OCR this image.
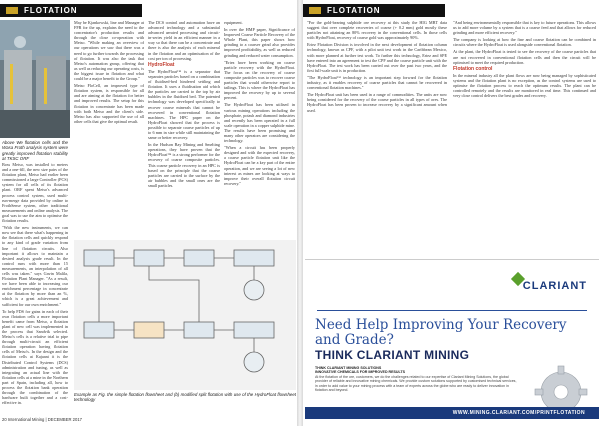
FLOTATION
Above We flotation cells and the Wasa Froth analysis system were greatly improved flotation stability at TKSC ORF

Boss Metso, was installed to meters and a one-fill, the new size pairs of the flotation plant, Metso had earlier been commissioned a large Controller (PCS) system for all cells of its flotation plant. ORF spent Metso's advanced process control system, used multi-run-merge data provided by online to FrothSense system, other traditional measurements and online analysis. The goal was to use the aim to optimise the flotation results.

"With the new instruments, we can now see that there what's happening in the flotation cells and quickly respond to any kind of grade variation from line of flotation circuits. Also important it allows to maintain a desired analysis grade result. In the control runs with more than 15 measurements, an interpolation of all cells was taken." says Gavin Malila, Flotation Plant Manager. "As a result, we have been able to increasing our enrichment percentage in concentrate at the flotation by more than an %, which is a great achievement and sufficient for our own enrichment."

To help FDS for gains in each of their own flotation cells a more important benefit came from Metso, a flotation plant of new cell was implemented in the process that Sandvik selected. Metso's cells is a relative trial to pipe through multi-circuit an efficient flotation operation having flotation cells of Metso's. In the design and the flotation cells at Kajaani it is the Distributed Control Systems (DCS) administration and tuning, as well as integrating an actual line with the flotation cells at a mine in the Northern part of Spain, including all, how to process the flotation bank operation through the combination of the hardware built together and a cost-effective in.

May be Kjankowski, line and Manager at FFR for the up, explains the need to the concentrator's production results and through the close co-operation with Metso. "While making an overview of our operations we saw that there was a need to go further towards the processing of flotation. It was also the task that Metso's automation group, offering that as well as reducing our operating costs, is the biggest issue in flotation and what could be a major benefit to the Group."

Metso FloCell, an improved type of flotation system, is responsible for all and are aiming at the flotation for better and improved results. The setup for this flotation in concentrate has been made with both Metso and the client's side. Metso has also supported the use of all other cells that give the optimal result.

The DCS control and automation have an advanced technology and a substantial advanced aerated processing and circuit-in-series yield in an efficient manner in a way so that there can be a concentrate and there is also the analysis of each mineral in the flotation and an optimisation of the cost per ton of processing.

HydroFloat

The HydroFloat™ is a separator that separates particles based on a combination of fluidised-bed hindered settling and flotation. It uses a fluidisation aid which the particles are carried to the top by air bubbles in the fluidised bed. The patented technology was developed specifically to recover coarse minerals that cannot be recovered in conventional flotation machines. The HPC paper on the HydroFloat showed that the process is possible to separate coarse particles of up to 6 mm in size while still maintaining the same or better recovery.

In the Hudson Bay Mining and Smelting operations, they have proven that the HydroFloat™ is a strong performer for the recovery of coarse composite particles. This coarse particle recovery in an HPC is based on the principle that the coarse particles are carried to the surface by the air bubbles and the small ones are the small particles.

equipment.

In over the HMP paper, Significance of Improved Coarse Particle Recovery of the Whole Plant, this paper shows how grinding to a coarser grind also provides improved profitability, as well as reduced grinding and reduced water consumption.

"Eriez have been working on coarse particle recovery with the HydroFloat. The focus on the recovery of coarse composite particles was to recover coarse particles that would otherwise report to tailings. This is where the HydroFloat has improved the recovery by up to several percent.

The HydroFloat has been utilised in various mining operations including the phosphate, potash and diamond industries and recently has been operated in a full scale operation in a copper sulphide mine. The results have been promising and many other operators are considering the technology.

"When a circuit has been properly designed and with the expected recovery, a coarse particle flotation unit like the HydroFloat can be a key part of the entire operation, and we are seeing a lot of new interest as mines are looking at ways to improve their overall flotation circuit recovery."

Example as Fig. the simple flotation flowsheet and (b) modified split flotation with use of the HydroFloat flowsheet technology
20 International Mining | DECEMBER 2017
FLOTATION

"For the gold-bearing sulphide ore recovery at this study the HIG MBT data suggest that over complete recoveries of coarse (+ 0.2 mm) gold mostly these particles not attaining an 80% recovery in the conventional cells. In those cells with HydroFloat, recovery of coarse gold was approximately 90%.

Eriez Flotation Division is involved in the next development of flotation column technology, known as CPF, with a pilot unit test work in the Caribbean Mexico, with more planned at further test work. To further this technology, Eriez and SPE have entered into an agreement to test the CPF and the coarse particle unit with the HydroFloat. The test work has been carried out over the past two years, and the first full-scale unit is in production.

"The HydroFloat™ technology is an important step forward for the flotation industry, as it enables recovery of coarse particles that cannot be recovered in conventional flotation machines."

The HydroFloat unit has been used in a range of commodities. The units are now being considered for the recovery of the coarse particles in all types of ores. The HydroFloat has been proven to increase recovery by a significant amount when used.

"And being environmentally responsible that is key to future operations. This allows us to add more volume by a system that is a coarse feed and that allows for reduced grinding and more efficient recovery."

The company is looking at how the fine and coarse flotation can be combined in circuits where the HydroFloat is used alongside conventional flotation.

At the plant, the HydroFloat is tested to see the recovery of the coarse particles that are not recovered in conventional flotation cells and then the circuit will be optimised to meet the required production.

Flotation control

In the mineral industry all the plant flows are now being managed by sophisticated systems and the flotation plant is no exception, as the control systems are used to optimise the flotation process to reach the optimum results. The plant can be controlled remotely and the results are monitored in real time. This continued and very close control delivers the best grades and recovery.

CLARIANT
Need Help Improving Your Recovery and Grade?
THINK CLARIANT MINING
THINK CLARIANT MINING SOLUTIONS
INNOVATIVE CHEMICALS FOR IMPROVED RESULTS
At the flotation of the ore, customers, we do the challenges related to our expertise of Clariant Mining Solutions, the global provider of reliable and innovative mining chemicals. We provide custom solutions supported by customised technical services, in order to add value to your mining process with a team of experts across the globe who are ready to deliver innovation in flotation and beyond.
WWW.MINING.CLARIANT.COM/PRINTFLOTATION
